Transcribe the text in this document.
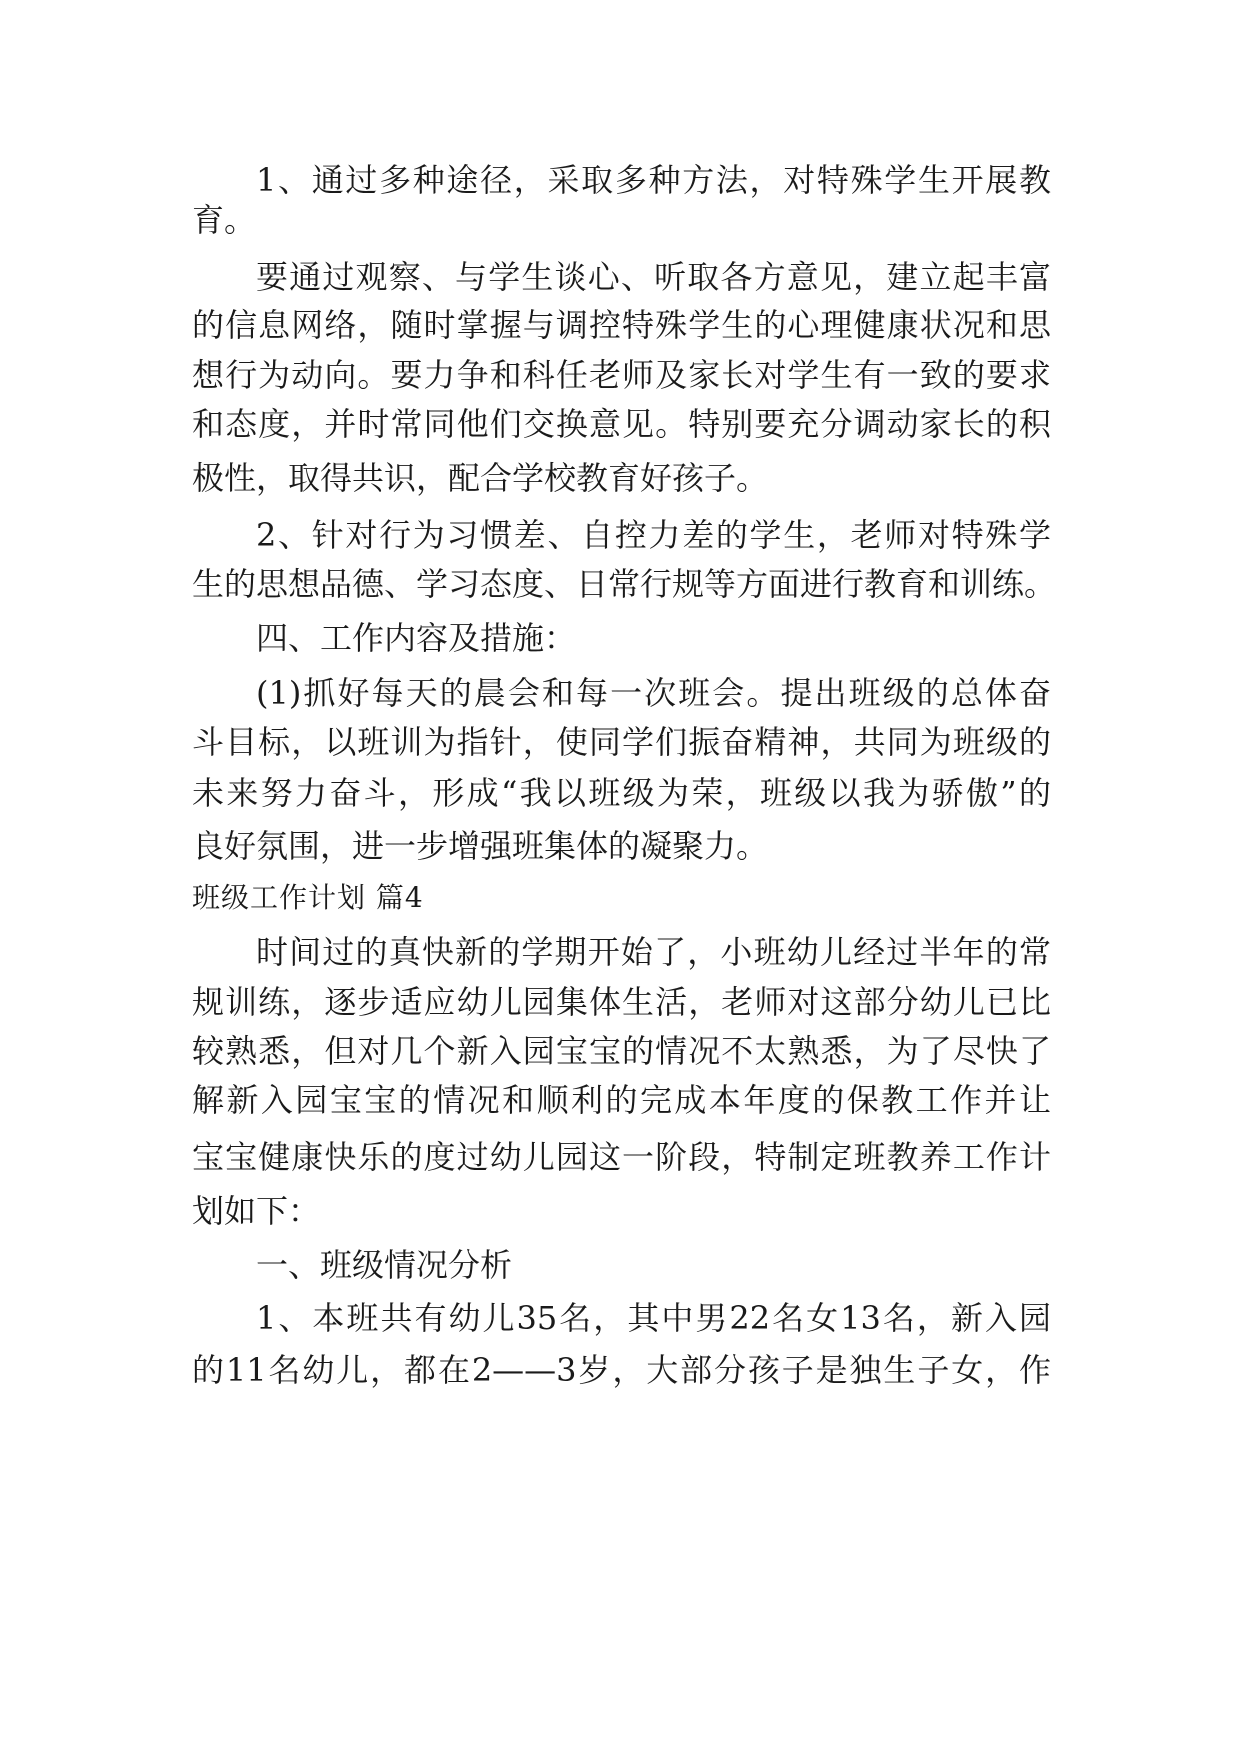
1、通过多种途径，采取多种方法，对特殊学生开展教

育。

要通过观察、与学生谈心、听取各方意见，建立起丰富

的信息网络，随时掌握与调控特殊学生的心理健康状况和思

想行为动向。要力争和科任老师及家长对学生有一致的要求

和态度，并时常同他们交换意见。特别要充分调动家长的积

极性，取得共识，配合学校教育好孩子。

2、针对行为习惯差、自控力差的学生，老师对特殊学

生的思想品德、学习态度、日常行规等方面进行教育和训练。

四、工作内容及措施：

(1)抓好每天的晨会和每一次班会。提出班级的总体奋

斗目标，以班训为指针，使同学们振奋精神，共同为班级的

未来努力奋斗，形成“我以班级为荣，班级以我为骄傲”的

良好氛围，进一步增强班集体的凝聚力。

班级工作计划 篇4

时间过的真快新的学期开始了，小班幼儿经过半年的常

规训练，逐步适应幼儿园集体生活，老师对这部分幼儿已比

较熟悉，但对几个新入园宝宝的情况不太熟悉，为了尽快了

解新入园宝宝的情况和顺利的完成本年度的保教工作并让

宝宝健康快乐的度过幼儿园这一阶段，特制定班教养工作计

划如下：

一、班级情况分析

1、本班共有幼儿35名，其中男22名女13名，新入园

的11名幼儿，都在2——3岁，大部分孩子是独生子女，作
